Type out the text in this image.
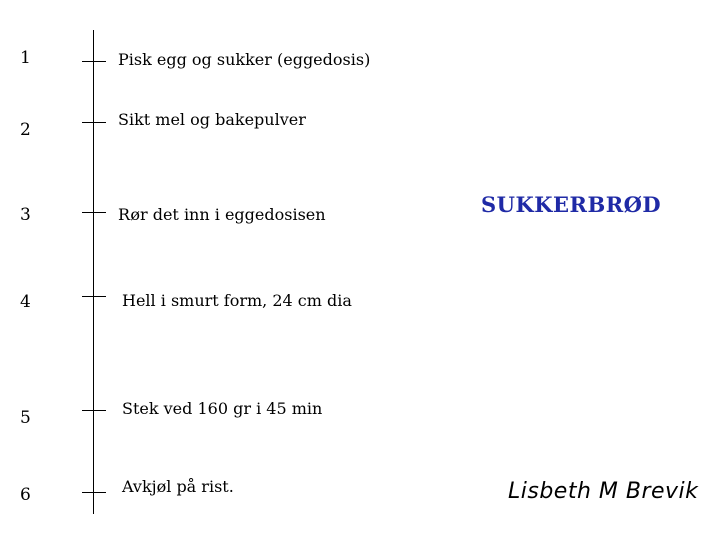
1	Pisk egg og sukker (eggedosis)
2
Sikt mel og bakepulver
3	Rør det inn i eggedosisen
4	Hell i smurt form, 24 cm dia
5	Stek ved 160 gr i 45 min
6	Avkjøl på rist.
SUKKERBRØD
Lisbeth M Brevik
